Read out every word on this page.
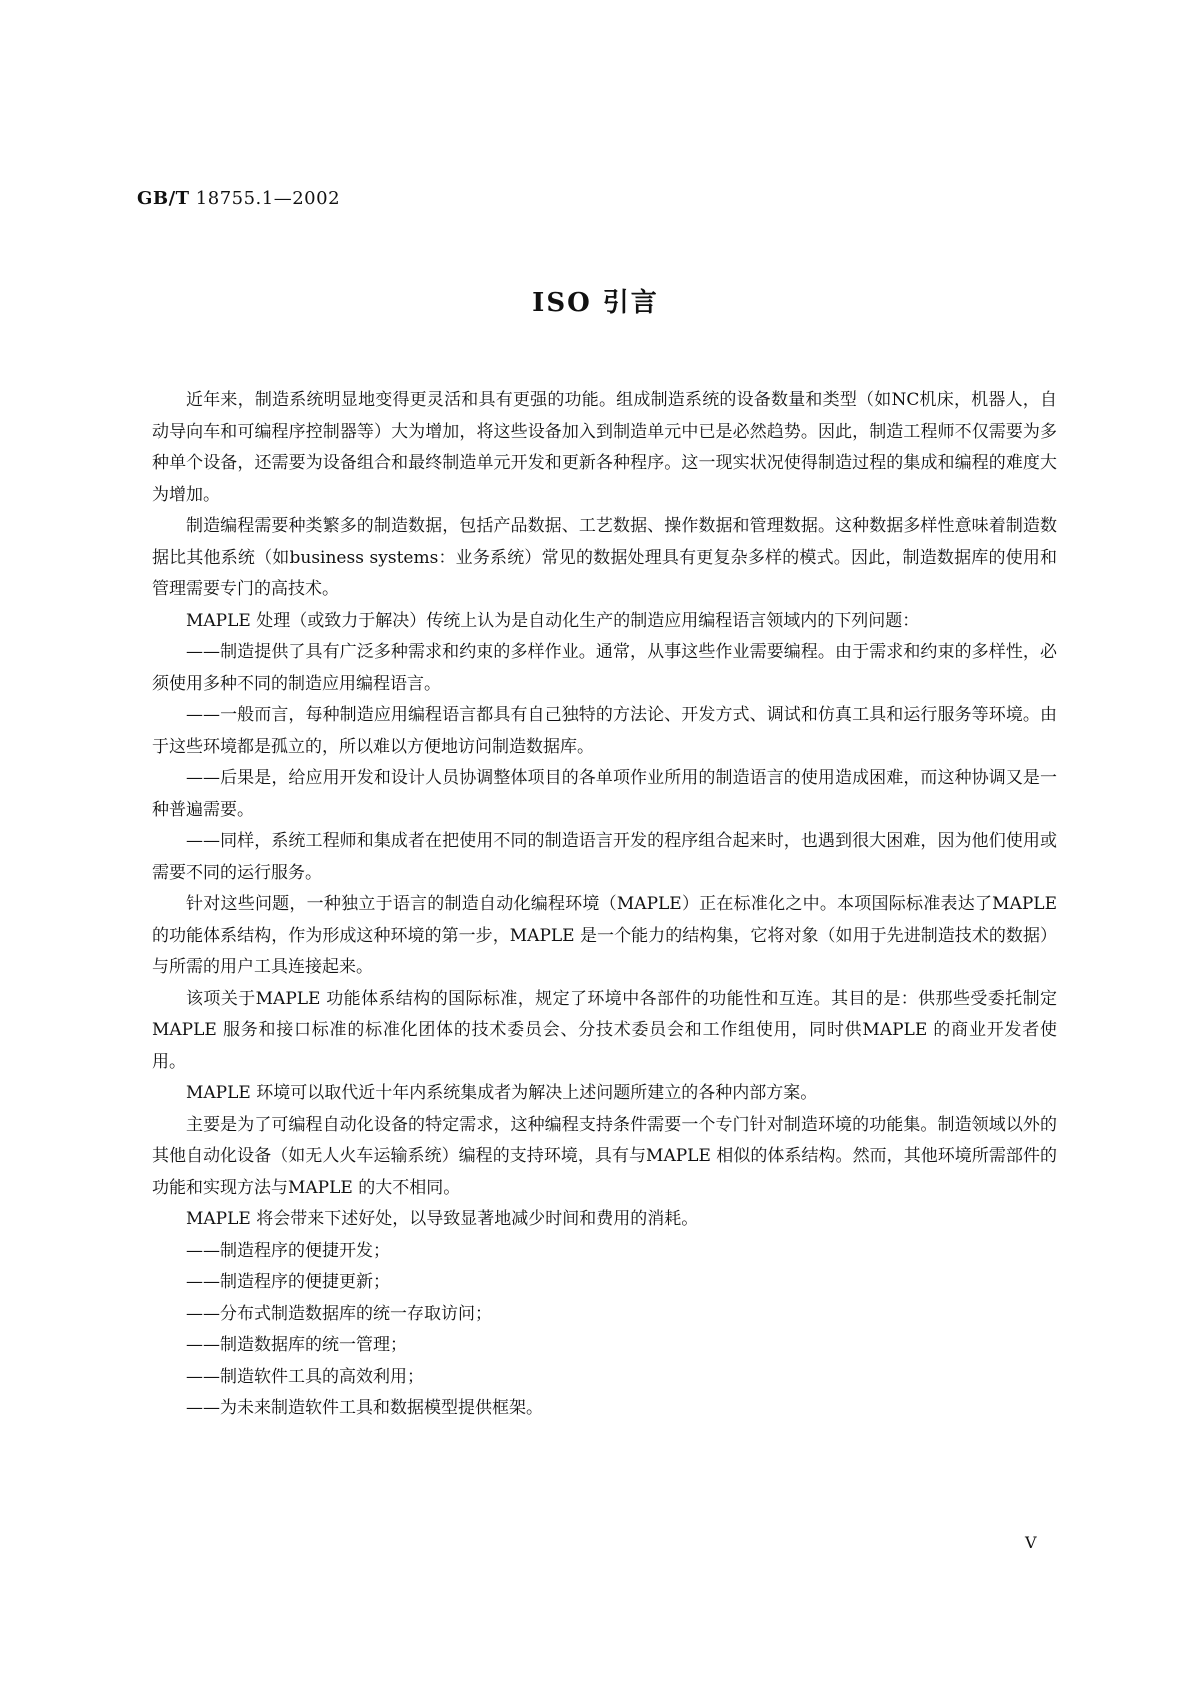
GB/T 18755.1—2002
ISO 引言

近年来，制造系统明显地变得更灵活和具有更强的功能。组成制造系统的设备数量和类型（如NC机床，机器人，自动导向车和可编程序控制器等）大为增加，将这些设备加入到制造单元中已是必然趋势。因此，制造工程师不仅需要为多种单个设备，还需要为设备组合和最终制造单元开发和更新各种程序。这一现实状况使得制造过程的集成和编程的难度大为增加。

制造编程需要种类繁多的制造数据，包括产品数据、工艺数据、操作数据和管理数据。这种数据多样性意味着制造数据比其他系统（如business systems：业务系统）常见的数据处理具有更复杂多样的模式。因此，制造数据库的使用和管理需要专门的高技术。

MAPLE 处理（或致力于解决）传统上认为是自动化生产的制造应用编程语言领域内的下列问题：

——制造提供了具有广泛多种需求和约束的多样作业。通常，从事这些作业需要编程。由于需求和约束的多样性，必须使用多种不同的制造应用编程语言。

——一般而言，每种制造应用编程语言都具有自己独特的方法论、开发方式、调试和仿真工具和运行服务等环境。由于这些环境都是孤立的，所以难以方便地访问制造数据库。

——后果是，给应用开发和设计人员协调整体项目的各单项作业所用的制造语言的使用造成困难，而这种协调又是一种普遍需要。

——同样，系统工程师和集成者在把使用不同的制造语言开发的程序组合起来时，也遇到很大困难，因为他们使用或需要不同的运行服务。

针对这些问题，一种独立于语言的制造自动化编程环境（MAPLE）正在标准化之中。本项国际标准表达了MAPLE 的功能体系结构，作为形成这种环境的第一步，MAPLE 是一个能力的结构集，它将对象（如用于先进制造技术的数据）与所需的用户工具连接起来。

该项关于MAPLE 功能体系结构的国际标准，规定了环境中各部件的功能性和互连。其目的是：供那些受委托制定MAPLE 服务和接口标准的标准化团体的技术委员会、分技术委员会和工作组使用，同时供MAPLE 的商业开发者使用。

MAPLE 环境可以取代近十年内系统集成者为解决上述问题所建立的各种内部方案。

主要是为了可编程自动化设备的特定需求，这种编程支持条件需要一个专门针对制造环境的功能集。制造领域以外的其他自动化设备（如无人火车运输系统）编程的支持环境，具有与MAPLE 相似的体系结构。然而，其他环境所需部件的功能和实现方法与MAPLE 的大不相同。

MAPLE 将会带来下述好处，以导致显著地减少时间和费用的消耗。

——制造程序的便捷开发；

——制造程序的便捷更新；

——分布式制造数据库的统一存取访问；

——制造数据库的统一管理；

——制造软件工具的高效利用；

——为未来制造软件工具和数据模型提供框架。

V
